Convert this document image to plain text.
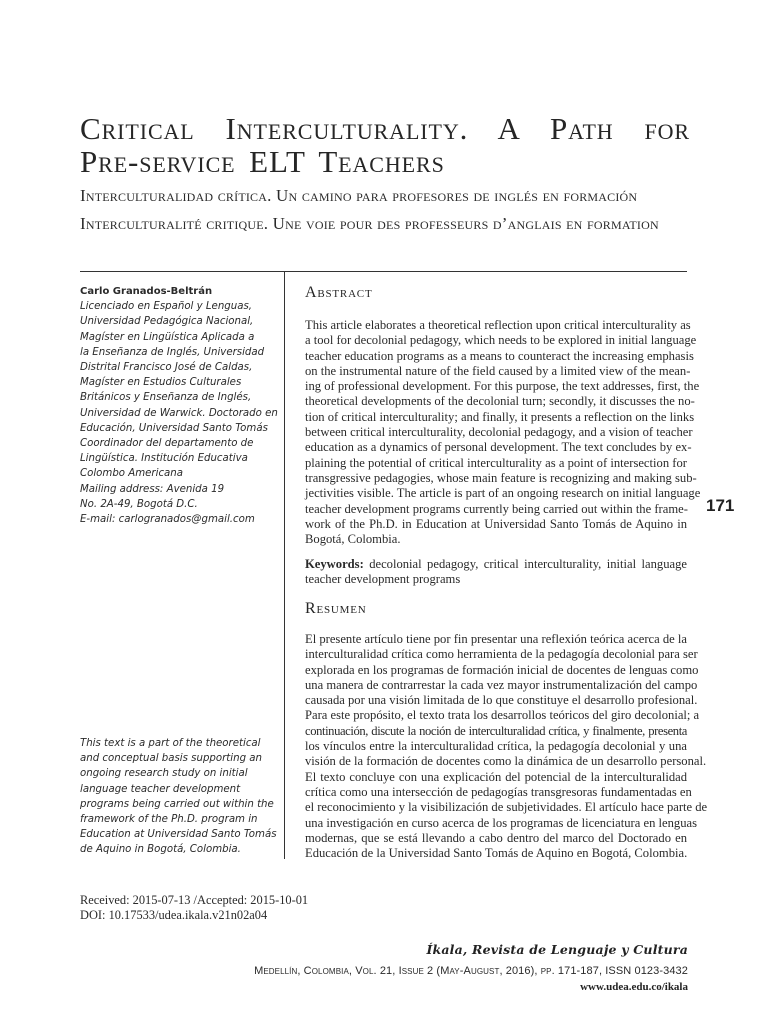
Critical Interculturality. A Path for Pre-service ELT Teachers
Interculturalidad crítica. Un camino para profesores de inglés en formación
Interculturalité critique. Une voie pour des professeurs d’anglais en formation
Carlo Granados-Beltrán
Licenciado en Español y Lenguas,
Universidad Pedagógica Nacional,
Magíster en Lingüística Aplicada a
la Enseñanza de Inglés, Universidad
Distrital Francisco José de Caldas,
Magíster en Estudios Culturales
Británicos y Enseñanza de Inglés,
Universidad de Warwick. Doctorado en
Educación, Universidad Santo Tomás
Coordinador del departamento de
Lingüística. Institución Educativa
Colombo Americana
Mailing address: Avenida 19
No. 2A-49, Bogotá D.C.
E-mail: carlogranados@gmail.com
This text is a part of the theoretical
and conceptual basis supporting an
ongoing research study on initial
language teacher development
programs being carried out within the
framework of the Ph.D. program in
Education at Universidad Santo Tomás
de Aquino in Bogotá, Colombia.
Abstract
This article elaborates a theoretical reflection upon critical interculturality as
a tool for decolonial pedagogy, which needs to be explored in initial language
teacher education programs as a means to counteract the increasing emphasis
on the instrumental nature of the field caused by a limited view of the mean-
ing of professional development. For this purpose, the text addresses, first, the
theoretical developments of the decolonial turn; secondly, it discusses the no-
tion of critical interculturality; and finally, it presents a reflection on the links
between critical interculturality, decolonial pedagogy, and a vision of teacher
education as a dynamics of personal development. The text concludes by ex-
plaining the potential of critical interculturality as a point of intersection for
transgressive pedagogies, whose main feature is recognizing and making sub-
jectivities visible. The article is part of an ongoing research on initial language
teacher development programs currently being carried out within the frame-
work of the Ph.D. in Education at Universidad Santo Tomás de Aquino in
Bogotá, Colombia.
Keywords: decolonial pedagogy, critical interculturality, initial language
teacher development programs
Resumen
El presente artículo tiene por fin presentar una reflexión teórica acerca de la
interculturalidad crítica como herramienta de la pedagogía decolonial para ser
explorada en los programas de formación inicial de docentes de lenguas como
una manera de contrarrestar la cada vez mayor instrumentalización del campo
causada por una visión limitada de lo que constituye el desarrollo profesional.
Para este propósito, el texto trata los desarrollos teóricos del giro decolonial; a
continuación, discute la noción de interculturalidad crítica, y finalmente, presenta
los vínculos entre la interculturalidad crítica, la pedagogía decolonial y una
visión de la formación de docentes como la dinámica de un desarrollo personal.
El texto concluye con una explicación del potencial de la interculturalidad
crítica como una intersección de pedagogías transgresoras fundamentadas en
el reconocimiento y la visibilización de subjetividades. El artículo hace parte de
una investigación en curso acerca de los programas de licenciatura en lenguas
modernas, que se está llevando a cabo dentro del marco del Doctorado en
Educación de la Universidad Santo Tomás de Aquino en Bogotá, Colombia.

171

Received: 2015-07-13 /Accepted: 2015-10-01
DOI: 10.17533/udea.ikala.v21n02a04

Íkala, Revista de Lenguaje y Cultura

Medellín, Colombia, Vol. 21, Issue 2 (May-August, 2016), pp. 171-187, ISSN 0123-3432

www.udea.edu.co/ikala
